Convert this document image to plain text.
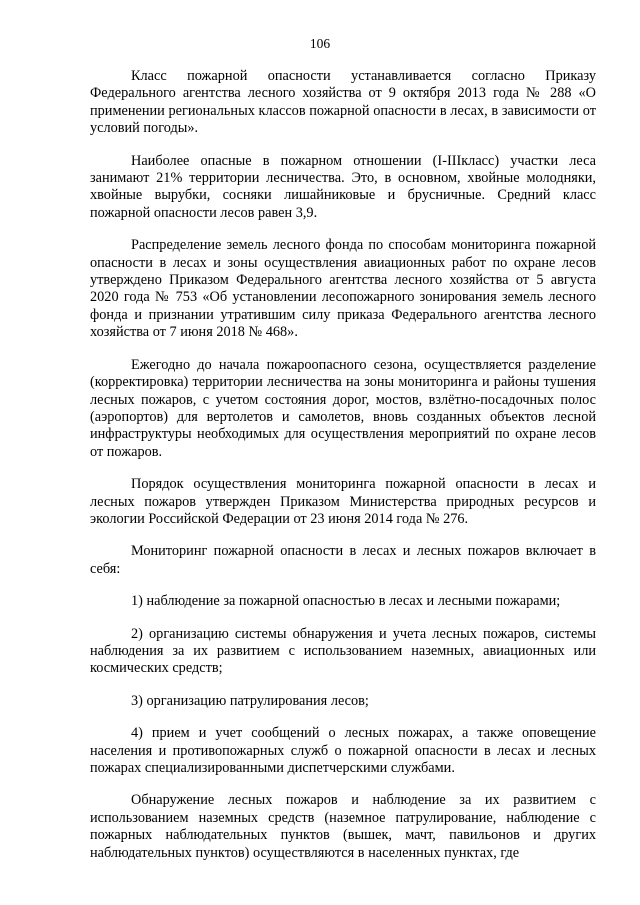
106

Класс пожарной опасности устанавливается согласно Приказу Федерального агентства лесного хозяйства от 9 октября 2013 года № 288 «О применении региональных классов пожарной опасности в лесах, в зависимости от условий погоды».

Наиболее опасные в пожарном отношении (I-IIIкласс) участки леса занимают 21% территории лесничества. Это, в основном, хвойные молодняки, хвойные вырубки, сосняки лишайниковые и брусничные. Средний класс пожарной опасности лесов равен 3,9.

Распределение земель лесного фонда по способам мониторинга пожарной опасности в лесах и зоны осуществления авиационных работ по охране лесов утверждено Приказом Федерального агентства лесного хозяйства от 5 августа 2020 года № 753 «Об установлении лесопожарного зонирования земель лесного фонда и признании утратившим силу приказа Федерального агентства лесного хозяйства от 7 июня 2018 № 468».

Ежегодно до начала пожароопасного сезона, осуществляется разделение (корректировка) территории лесничества на зоны мониторинга и районы тушения лесных пожаров, с учетом состояния дорог, мостов, взлётно-посадочных полос (аэропортов) для вертолетов и самолетов, вновь созданных объектов лесной инфраструктуры необходимых для осуществления мероприятий по охране лесов от пожаров.

Порядок осуществления мониторинга пожарной опасности в лесах и лесных пожаров утвержден Приказом Министерства природных ресурсов и экологии Российской Федерации от 23 июня 2014 года № 276.

Мониторинг пожарной опасности в лесах и лесных пожаров включает в себя:

1) наблюдение за пожарной опасностью в лесах и лесными пожарами;

2) организацию системы обнаружения и учета лесных пожаров, системы наблюдения за их развитием с использованием наземных, авиационных или космических средств;

3) организацию патрулирования лесов;

4) прием и учет сообщений о лесных пожарах, а также оповещение населения и противопожарных служб о пожарной опасности в лесах и лесных пожарах специализированными диспетчерскими службами.

Обнаружение лесных пожаров и наблюдение за их развитием с использованием наземных средств (наземное патрулирование, наблюдение с пожарных наблюдательных пунктов (вышек, мачт, павильонов и других наблюдательных пунктов) осуществляются в населенных пунктах, где
